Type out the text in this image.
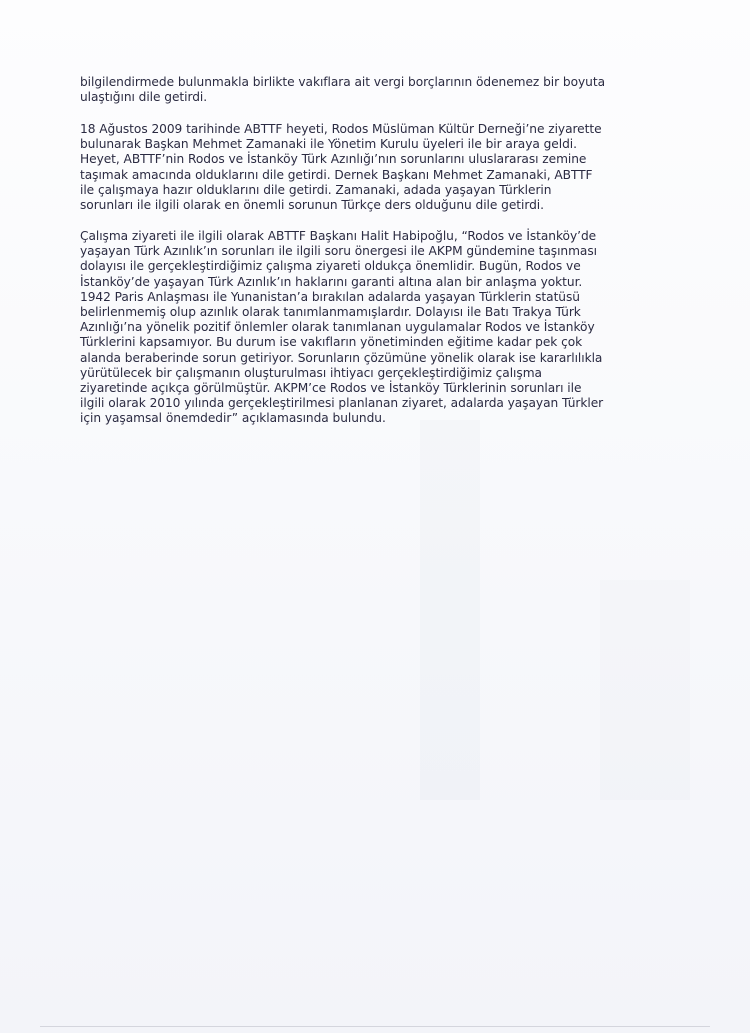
bilgilendirmede bulunmakla birlikte vakıflara ait vergi borçlarının ödenemez bir boyuta
ulaştığını dile getirdi.
18 Ağustos 2009 tarihinde ABTTF heyeti, Rodos Müslüman Kültür Derneği’ne ziyarette
bulunarak Başkan Mehmet Zamanaki ile Yönetim Kurulu üyeleri ile bir araya geldi.
Heyet, ABTTF’nin Rodos ve İstanköy Türk Azınlığı’nın sorunlarını uluslararası zemine
taşımak amacında olduklarını dile getirdi. Dernek Başkanı Mehmet Zamanaki, ABTTF
ile çalışmaya hazır olduklarını dile getirdi. Zamanaki, adada yaşayan Türklerin
sorunları ile ilgili olarak en önemli sorunun Türkçe ders olduğunu dile getirdi.
Çalışma ziyareti ile ilgili olarak ABTTF Başkanı Halit Habipoğlu, “Rodos ve İstanköy’de
yaşayan Türk Azınlık’ın sorunları ile ilgili soru önergesi ile AKPM gündemine taşınması
dolayısı ile gerçekleştirdiğimiz çalışma ziyareti oldukça önemlidir. Bugün, Rodos ve
İstanköy’de yaşayan Türk Azınlık’ın haklarını garanti altına alan bir anlaşma yoktur.
1942 Paris Anlaşması ile Yunanistan’a bırakılan adalarda yaşayan Türklerin statüsü
belirlenmemiş olup azınlık olarak tanımlanmamışlardır. Dolayısı ile Batı Trakya Türk
Azınlığı’na yönelik pozitif önlemler olarak tanımlanan uygulamalar Rodos ve İstanköy
Türklerini kapsamıyor. Bu durum ise vakıfların yönetiminden eğitime kadar pek çok
alanda beraberinde sorun getiriyor. Sorunların çözümüne yönelik olarak ise kararlılıkla
yürütülecek bir çalışmanın oluşturulması ihtiyacı gerçekleştirdiğimiz çalışma
ziyaretinde açıkça görülmüştür. AKPM’ce Rodos ve İstanköy Türklerinin sorunları ile
ilgili olarak 2010 yılında gerçekleştirilmesi planlanan ziyaret, adalarda yaşayan Türkler
için yaşamsal önemdedir” açıklamasında bulundu.
